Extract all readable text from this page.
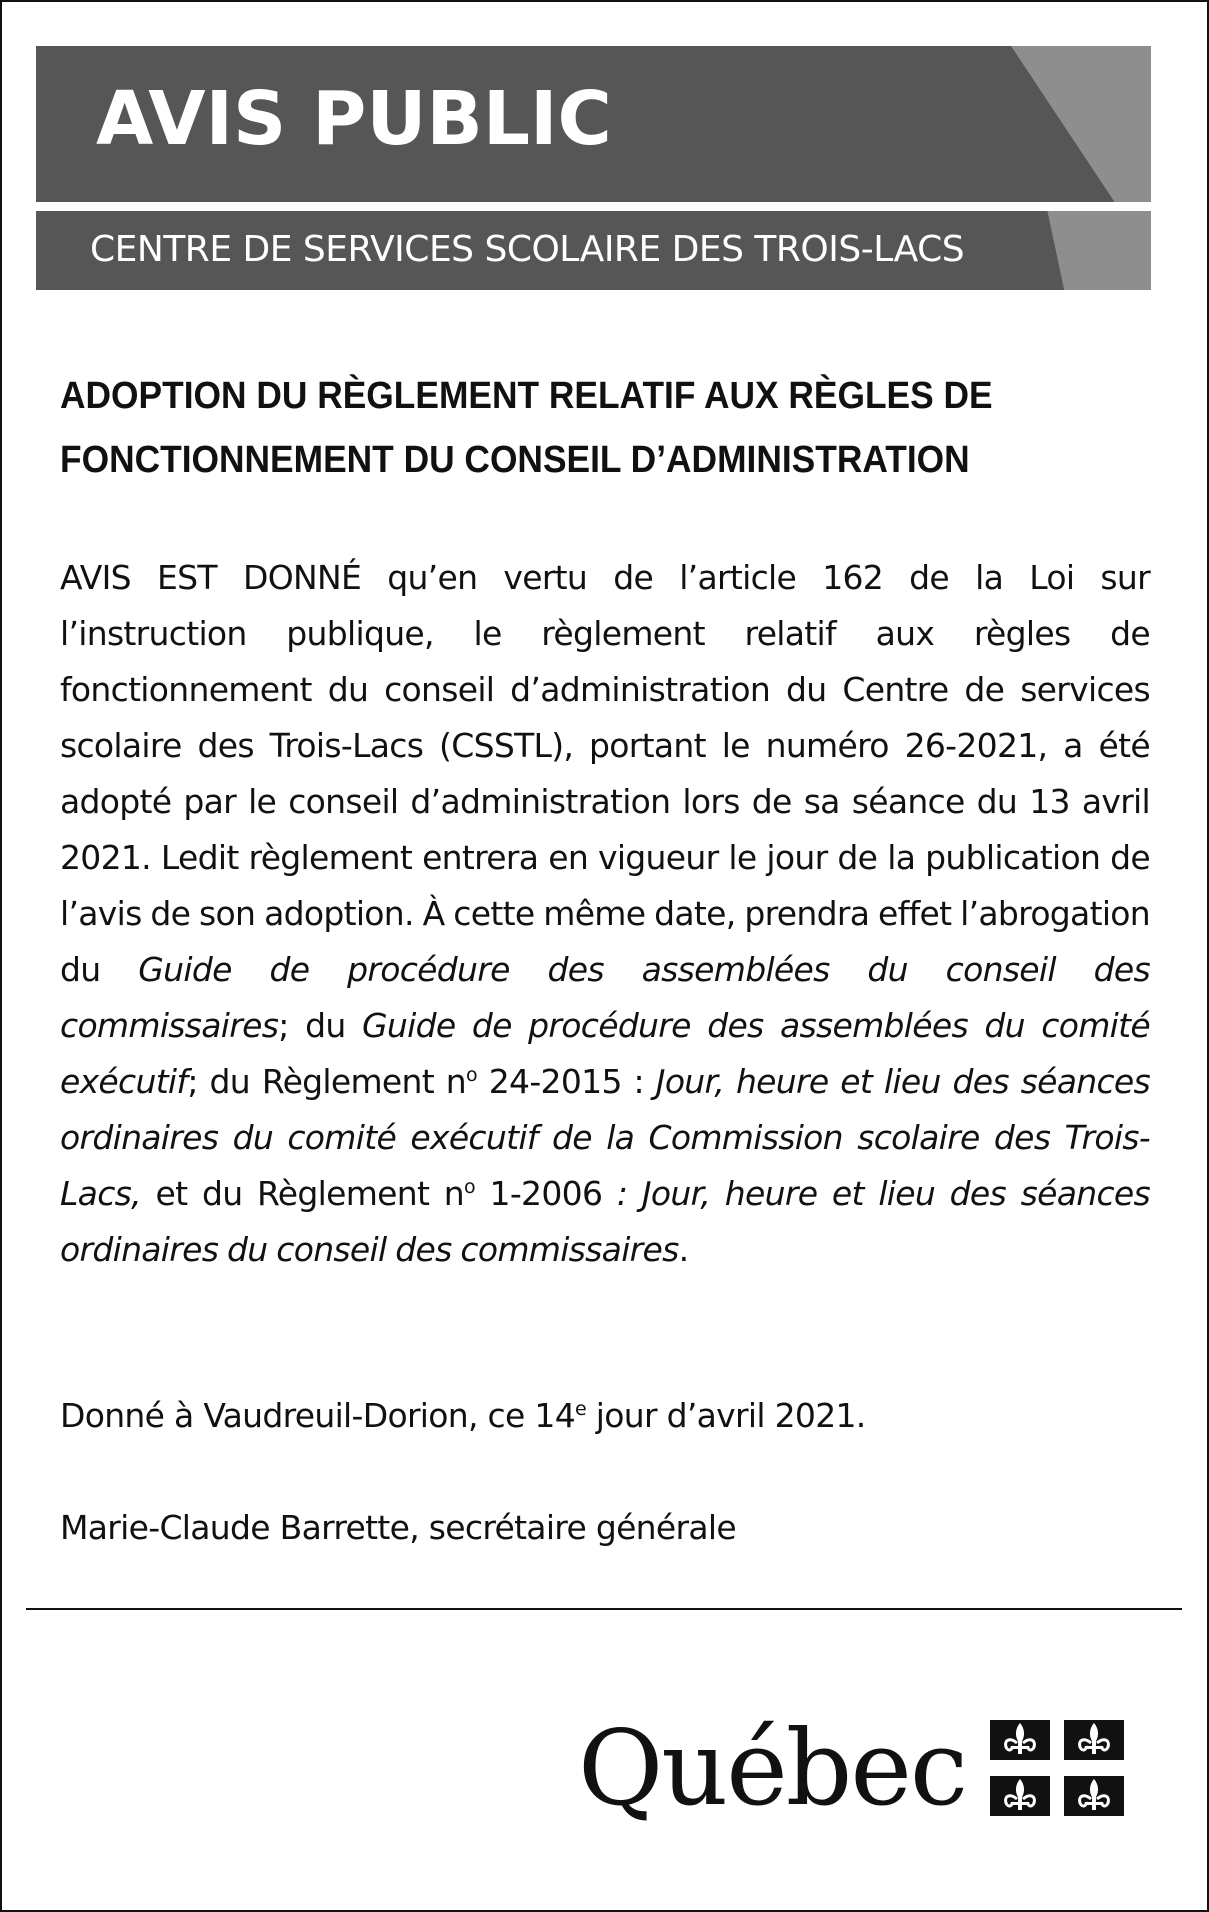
AVIS PUBLIC
CENTRE DE SERVICES SCOLAIRE DES TROIS-LACS
ADOPTION DU RÈGLEMENT RELATIF AUX RÈGLES DE
FONCTIONNEMENT DU CONSEIL D’ADMINISTRATION
AVIS EST DONNÉ qu’en vertu de l’article 162 de la Loi sur l’instruction publique, le règlement relatif aux règles de fonctionnement du conseil d’administration du Centre de services scolaire des Trois-Lacs (CSSTL), portant le numéro 26-2021, a été adopté par le conseil d’administration lors de sa séance du 13 avril 2021. Ledit règlement entrera en vigueur le jour de la publication de l’avis de son adoption. À cette même date, prendra effet l’abrogation du Guide de procédure des assemblées du conseil des commissaires; du Guide de procédure des assemblées du comité exécutif; du Règlement $n^o$ 24-2015 : Jour, heure et lieu des séances ordinaires du comité exécutif de la Commission scolaire des Trois-Lacs, et du Règlement $n^o$ 1-2006 : Jour, heure et lieu des séances ordinaires du conseil des commissaires.
Donné à Vaudreuil-Dorion, ce 14e jour d’avril 2021.
Marie-Claude Barrette, secrétaire générale
Québec
